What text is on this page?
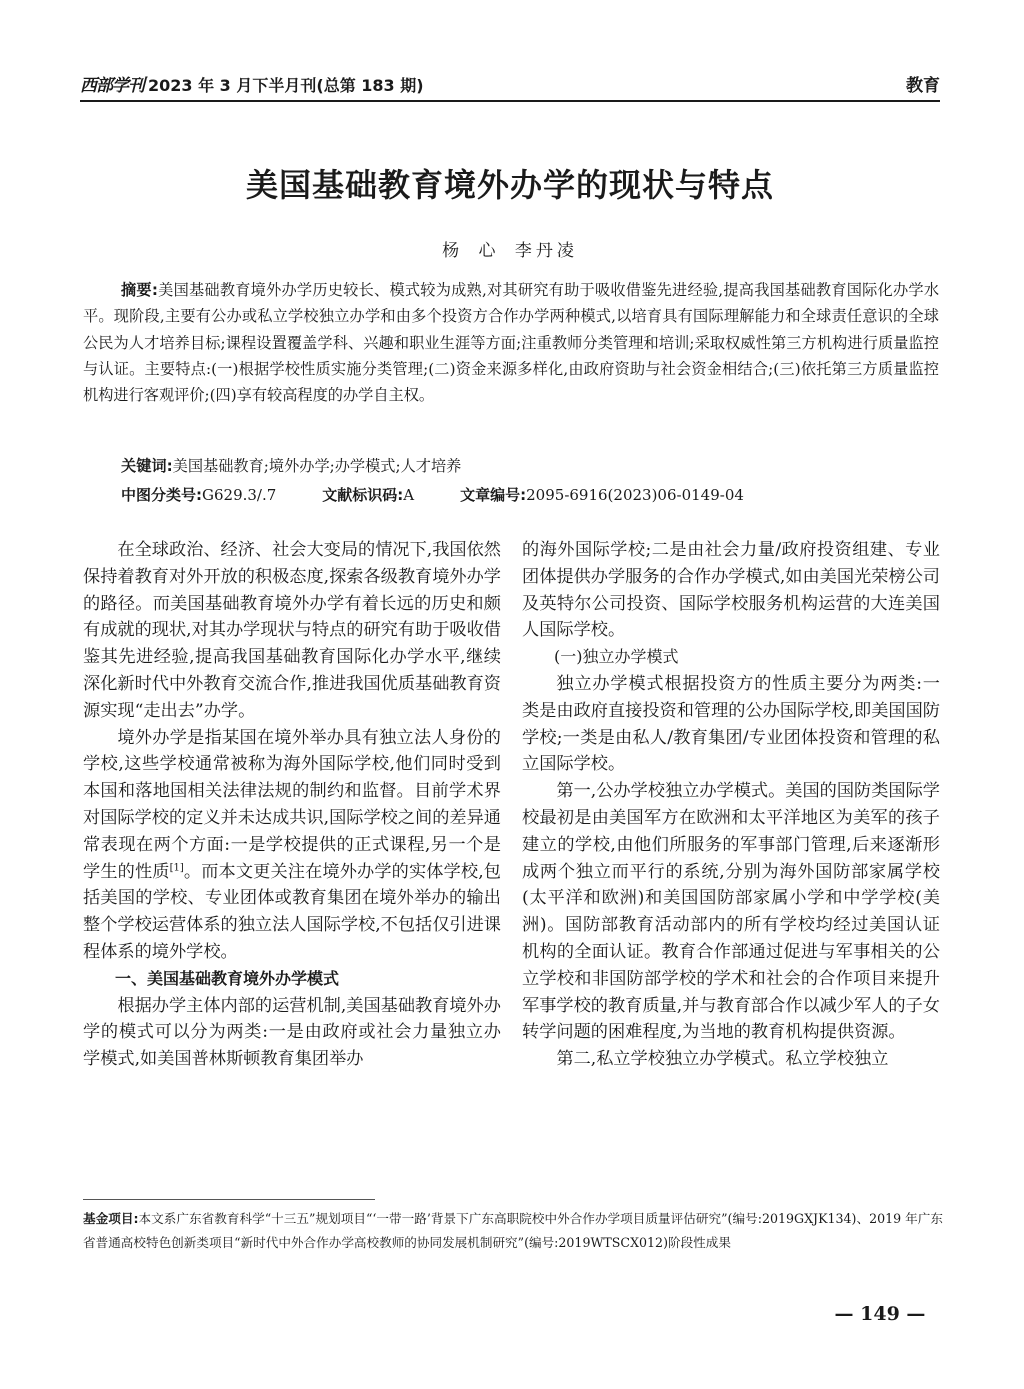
西部学刊 2023 年 3 月下半月刊(总第 183 期)	教育
美国基础教育境外办学的现状与特点
杨 心 李丹凌
摘要:美国基础教育境外办学历史较长、模式较为成熟,对其研究有助于吸收借鉴先进经验,提高我国基础教育国际化办学水平。现阶段,主要有公办或私立学校独立办学和由多个投资方合作办学两种模式,以培育具有国际理解能力和全球责任意识的全球公民为人才培养目标;课程设置覆盖学科、兴趣和职业生涯等方面;注重教师分类管理和培训;采取权威性第三方机构进行质量监控与认证。主要特点:(一)根据学校性质实施分类管理;(二)资金来源多样化,由政府资助与社会资金相结合;(三)依托第三方质量监控机构进行客观评价;(四)享有较高程度的办学自主权。
关键词:美国基础教育;境外办学;办学模式;人才培养
中图分类号:G629.3/.7	文献标识码:A	文章编号:2095-6916(2023)06-0149-04

在全球政治、经济、社会大变局的情况下,我国依然保持着教育对外开放的积极态度,探索各级教育境外办学的路径。而美国基础教育境外办学有着长远的历史和颇有成就的现状,对其办学现状与特点的研究有助于吸收借鉴其先进经验,提高我国基础教育国际化办学水平,继续深化新时代中外教育交流合作,推进我国优质基础教育资源实现“走出去”办学。

境外办学是指某国在境外举办具有独立法人身份的学校,这些学校通常被称为海外国际学校,他们同时受到本国和落地国相关法律法规的制约和监督。目前学术界对国际学校的定义并未达成共识,国际学校之间的差异通常表现在两个方面:一是学校提供的正式课程,另一个是学生的性质[1]。而本文更关注在境外办学的实体学校,包括美国的学校、专业团体或教育集团在境外举办的输出整个学校运营体系的独立法人国际学校,不包括仅引进课程体系的境外学校。

一、美国基础教育境外办学模式

根据办学主体内部的运营机制,美国基础教育境外办学的模式可以分为两类:一是由政府或社会力量独立办学模式,如美国普林斯顿教育集团举办

的海外国际学校;二是由社会力量/政府投资组建、专业团体提供办学服务的合作办学模式,如由美国光荣榜公司及英特尔公司投资、国际学校服务机构运营的大连美国人国际学校。

(一)独立办学模式

独立办学模式根据投资方的性质主要分为两类:一类是由政府直接投资和管理的公办国际学校,即美国国防学校;一类是由私人/教育集团/专业团体投资和管理的私立国际学校。

第一,公办学校独立办学模式。美国的国防类国际学校最初是由美国军方在欧洲和太平洋地区为美军的孩子建立的学校,由他们所服务的军事部门管理,后来逐渐形成两个独立而平行的系统,分别为海外国防部家属学校(太平洋和欧洲)和美国国防部家属小学和中学学校(美洲)。国防部教育活动部内的所有学校均经过美国认证机构的全面认证。教育合作部通过促进与军事相关的公立学校和非国防部学校的学术和社会的合作项目来提升军事学校的教育质量,并与教育部合作以减少军人的子女转学问题的困难程度,为当地的教育机构提供资源。

第二,私立学校独立办学模式。私立学校独立

基金项目:本文系广东省教育科学“十三五”规划项目“‘一带一路’背景下广东高职院校中外合作办学项目质量评估研究”(编号:2019GXJK134)、2019 年广东省普通高校特色创新类项目“新时代中外合作办学高校教师的协同发展机制研究”(编号:2019WTSCX012)阶段性成果
— 149 —
